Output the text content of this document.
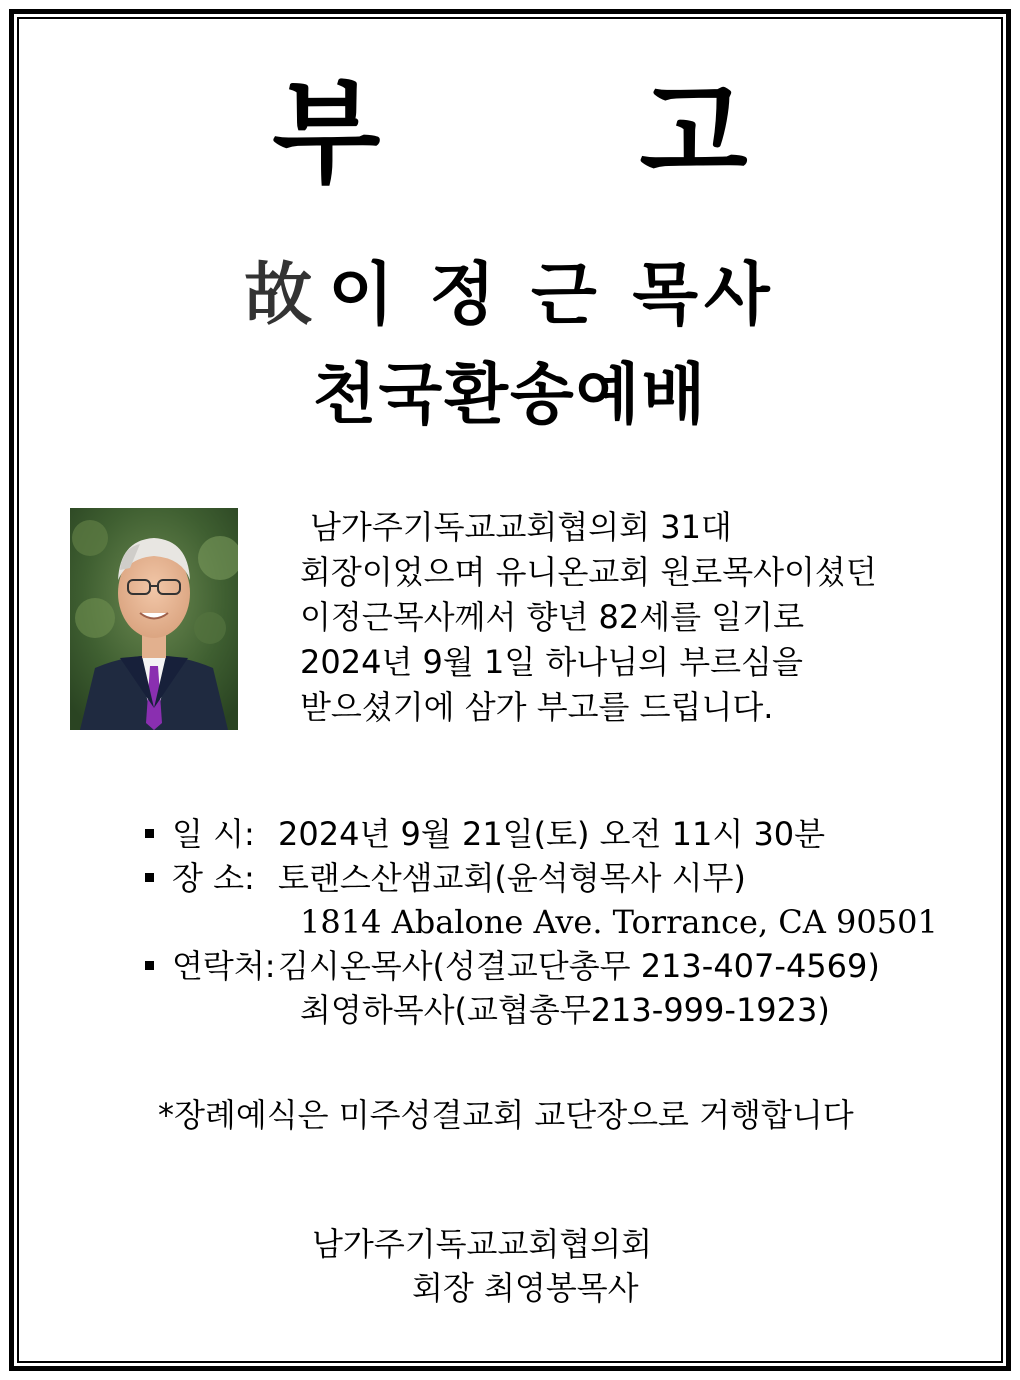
부 고
故 이 정 근 목사
천국환송예배
남가주기독교교회협의회 31대
회장이었으며 유니온교회 원로목사이셨던
이정근목사께서 향년 82세를 일기로
2024년 9월 1일 하나님의 부르심을
받으셨기에 삼가 부고를 드립니다.
일 시: 2024년 9월 21일(토) 오전 11시 30분
장 소: 토랜스산샘교회(윤석형목사 시무)
1814 Abalone Ave. Torrance, CA 90501
연락처:김시온목사(성결교단총무 213-407-4569)
최영하목사(교협총무213-999-1923)
*장례예식은 미주성결교회 교단장으로 거행합니다
남가주기독교교회협의회
회장 최영봉목사
